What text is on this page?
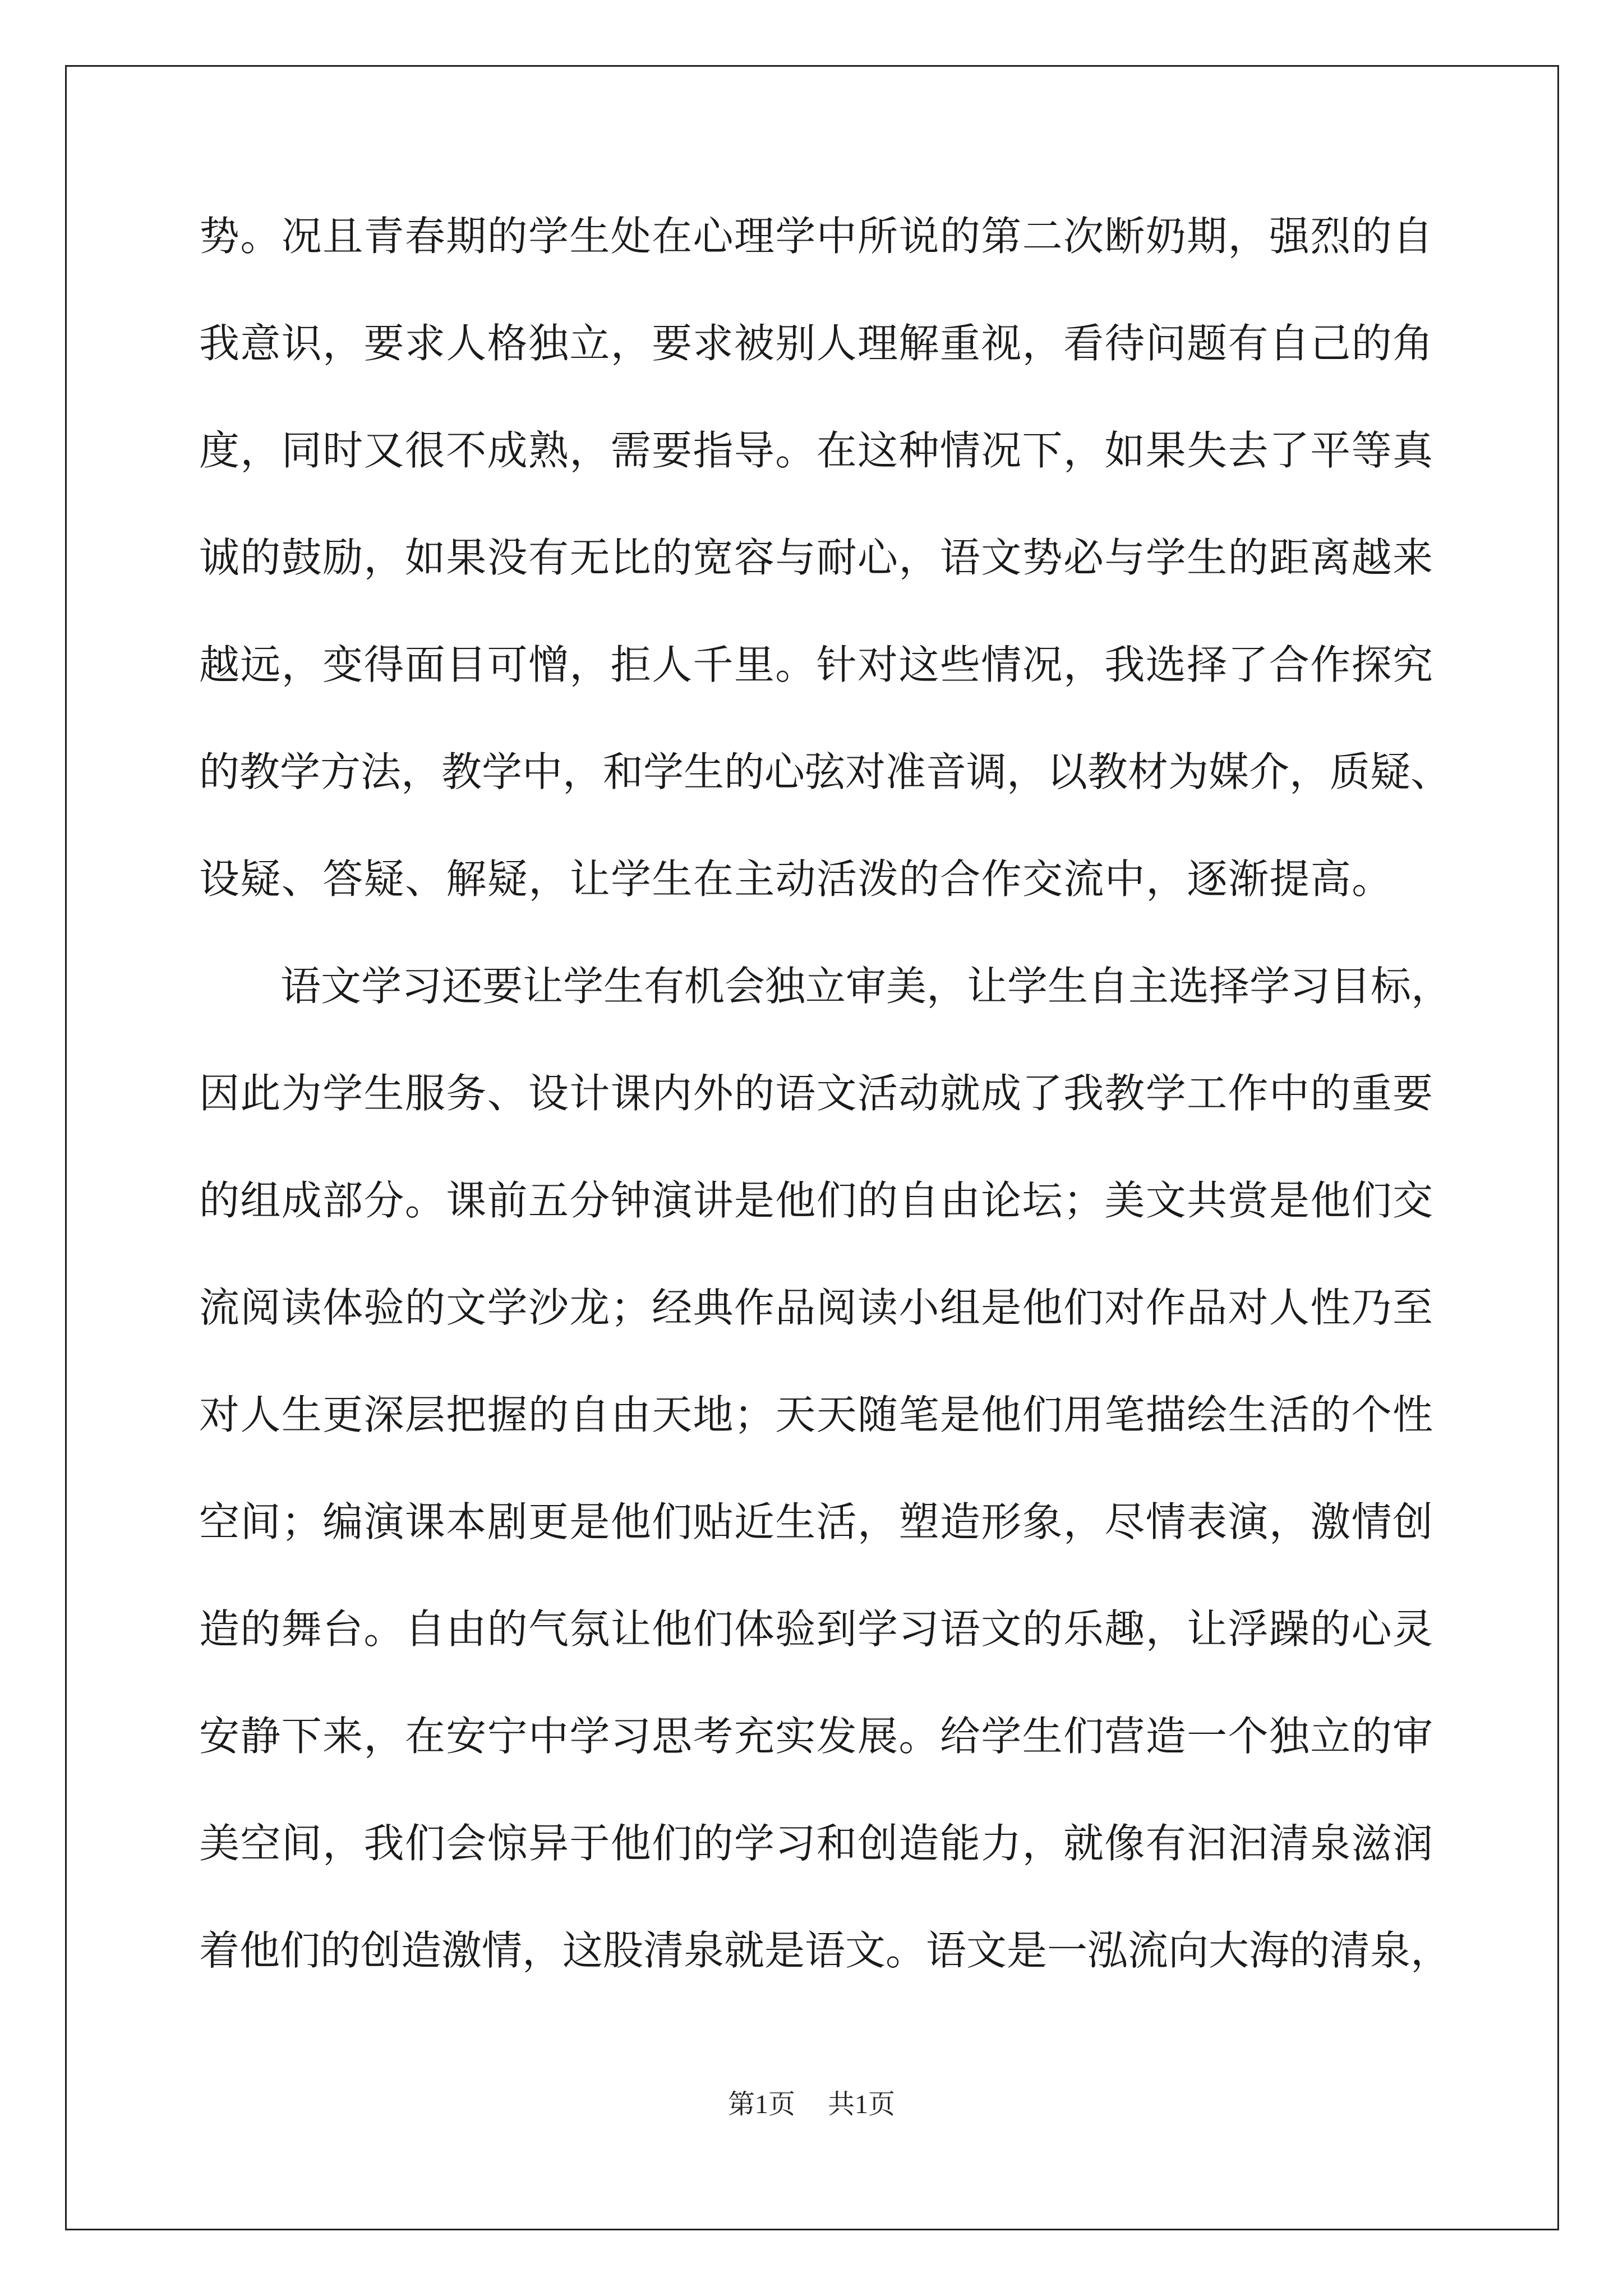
势。况且青春期的学生处在心理学中所说的第二次断奶期，强烈的自
我意识，要求人格独立，要求被别人理解重视，看待问题有自己的角
度，同时又很不成熟，需要指导。在这种情况下，如果失去了平等真
诚的鼓励，如果没有无比的宽容与耐心，语文势必与学生的距离越来
越远，变得面目可憎，拒人千里。针对这些情况，我选择了合作探究
的教学方法，教学中，和学生的心弦对准音调，以教材为媒介，质疑、
设疑、答疑、解疑，让学生在主动活泼的合作交流中，逐渐提高。
语文学习还要让学生有机会独立审美，让学生自主选择学习目标，
因此为学生服务、设计课内外的语文活动就成了我教学工作中的重要
的组成部分。课前五分钟演讲是他们的自由论坛；美文共赏是他们交
流阅读体验的文学沙龙；经典作品阅读小组是他们对作品对人性乃至
对人生更深层把握的自由天地；天天随笔是他们用笔描绘生活的个性
空间；编演课本剧更是他们贴近生活，塑造形象，尽情表演，激情创
造的舞台。自由的气氛让他们体验到学习语文的乐趣，让浮躁的心灵
安静下来，在安宁中学习思考充实发展。给学生们营造一个独立的审
美空间，我们会惊异于他们的学习和创造能力，就像有汩汩清泉滋润
着他们的创造激情，这股清泉就是语文。语文是一泓流向大海的清泉，
第1页 共1页
